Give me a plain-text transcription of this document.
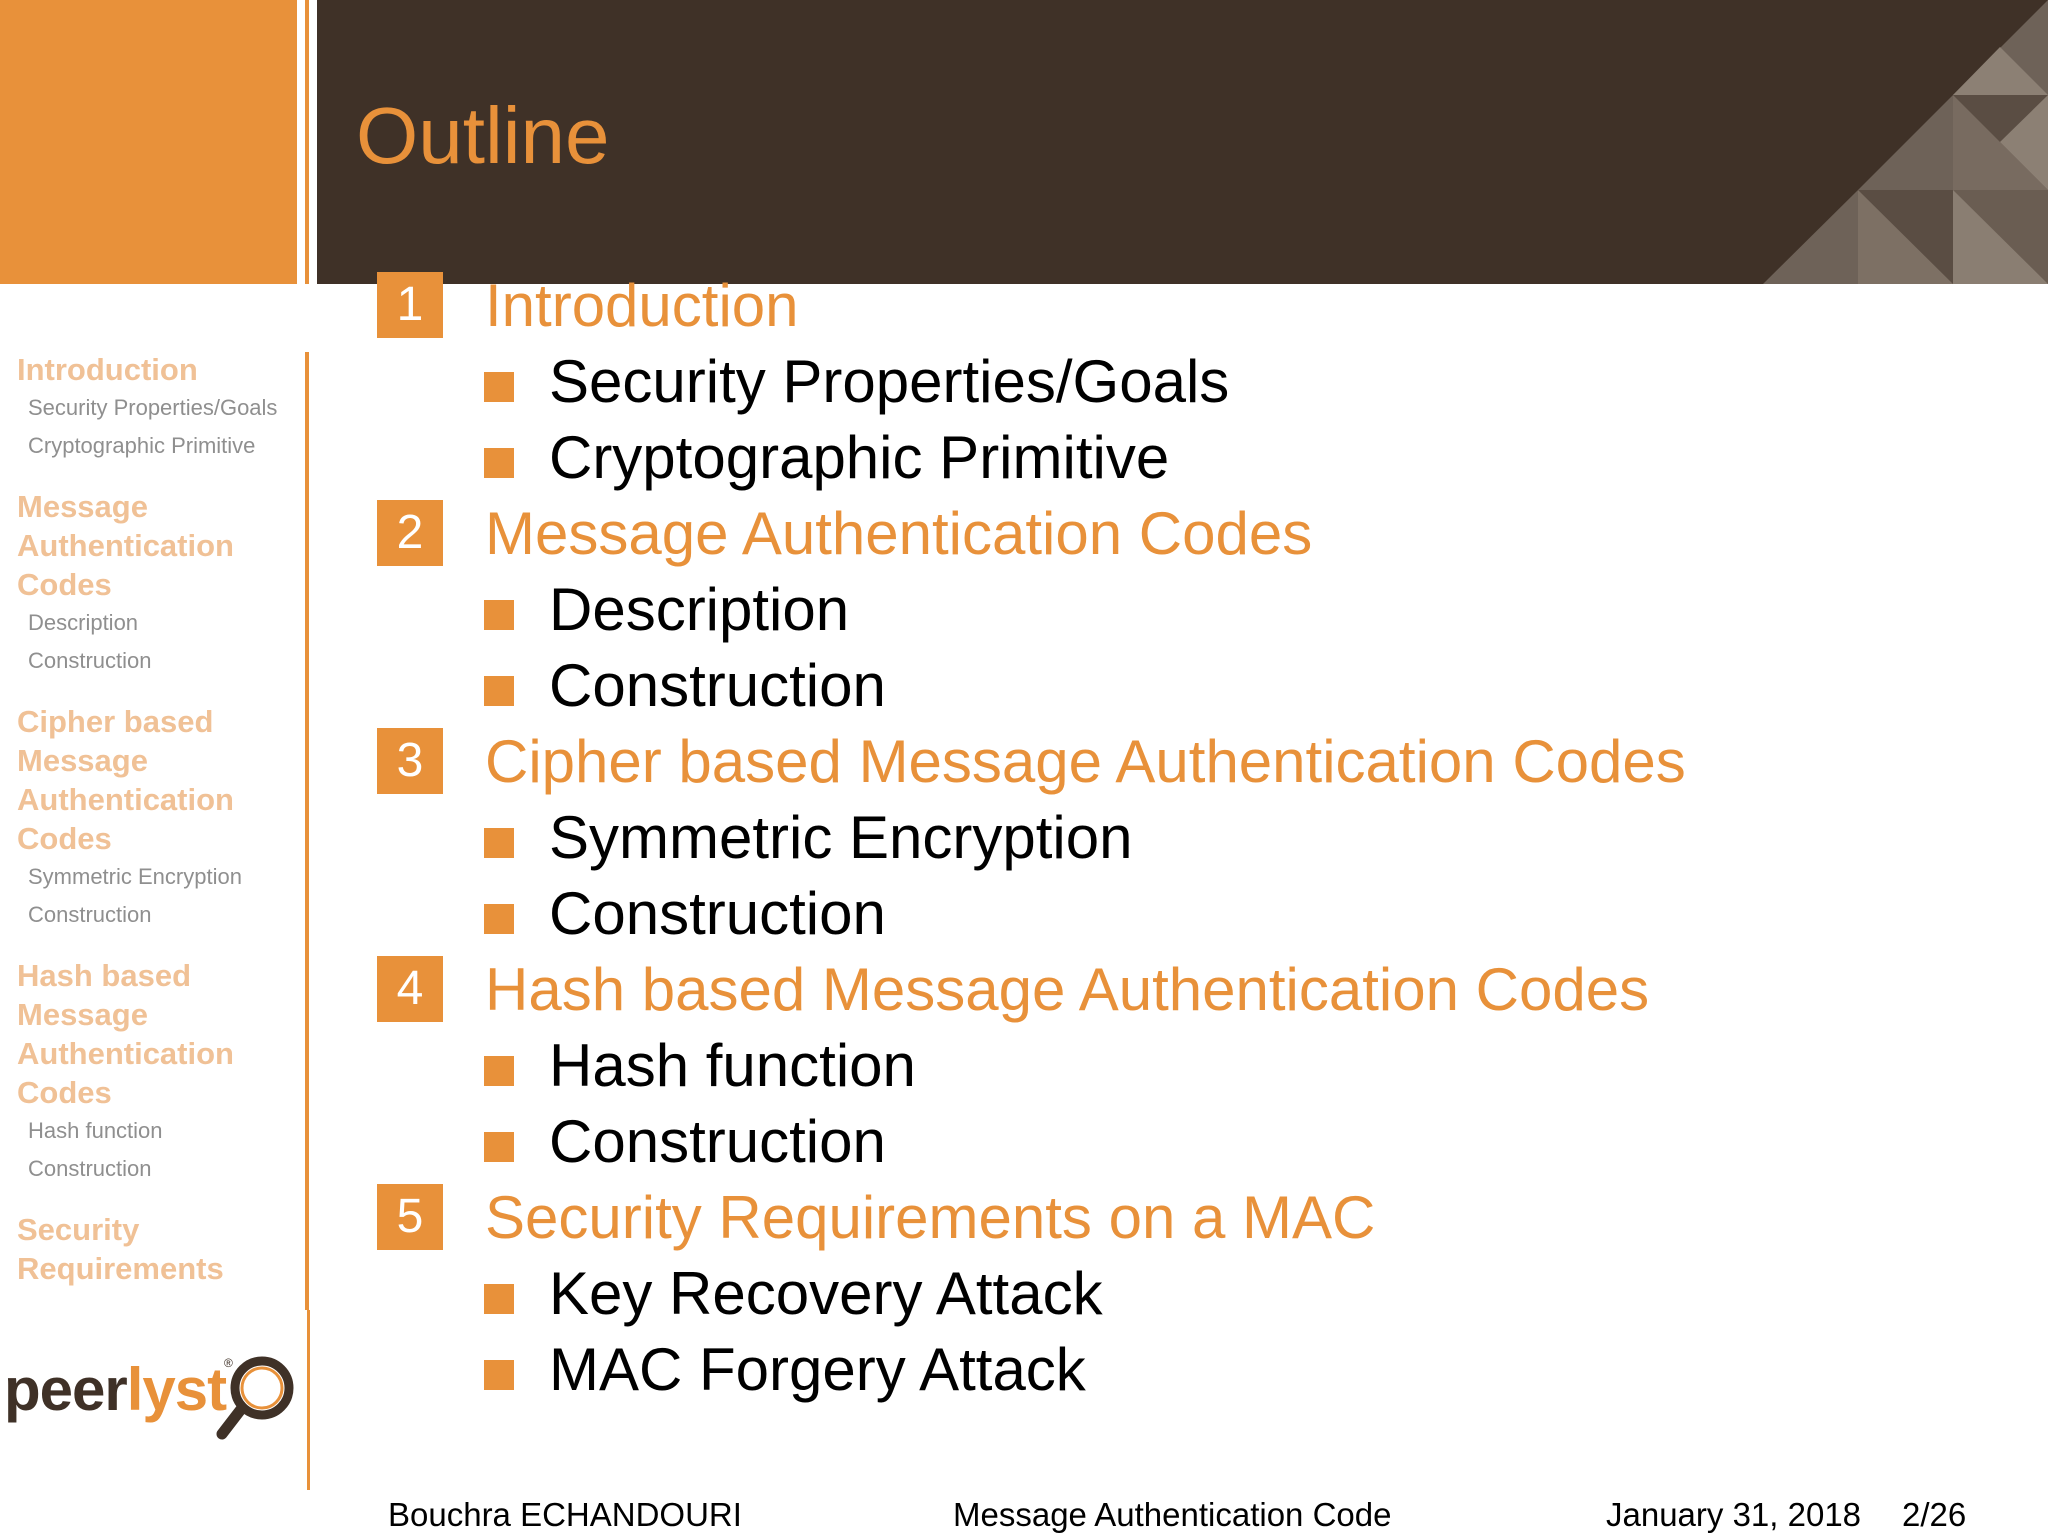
Outline
Introduction
Security Properties/Goals
Cryptographic Primitive
Message Authentication Codes
Description
Construction
Cipher based Message Authentication Codes
Symmetric Encryption
Construction
Hash based Message Authentication Codes
Hash function
Construction
Security Requirements
peerlyst
®
1	Introduction
Security Properties/Goals
Cryptographic Primitive
2	Message Authentication Codes
Description
Construction
3	Cipher based Message Authentication Codes
Symmetric Encryption
Construction
4	Hash based Message Authentication Codes
Hash function
Construction
5	Security Requirements on a MAC
Key Recovery Attack
MAC Forgery Attack
Bouchra ECHANDOURI	Message Authentication Code	January 31, 2018 2/26
